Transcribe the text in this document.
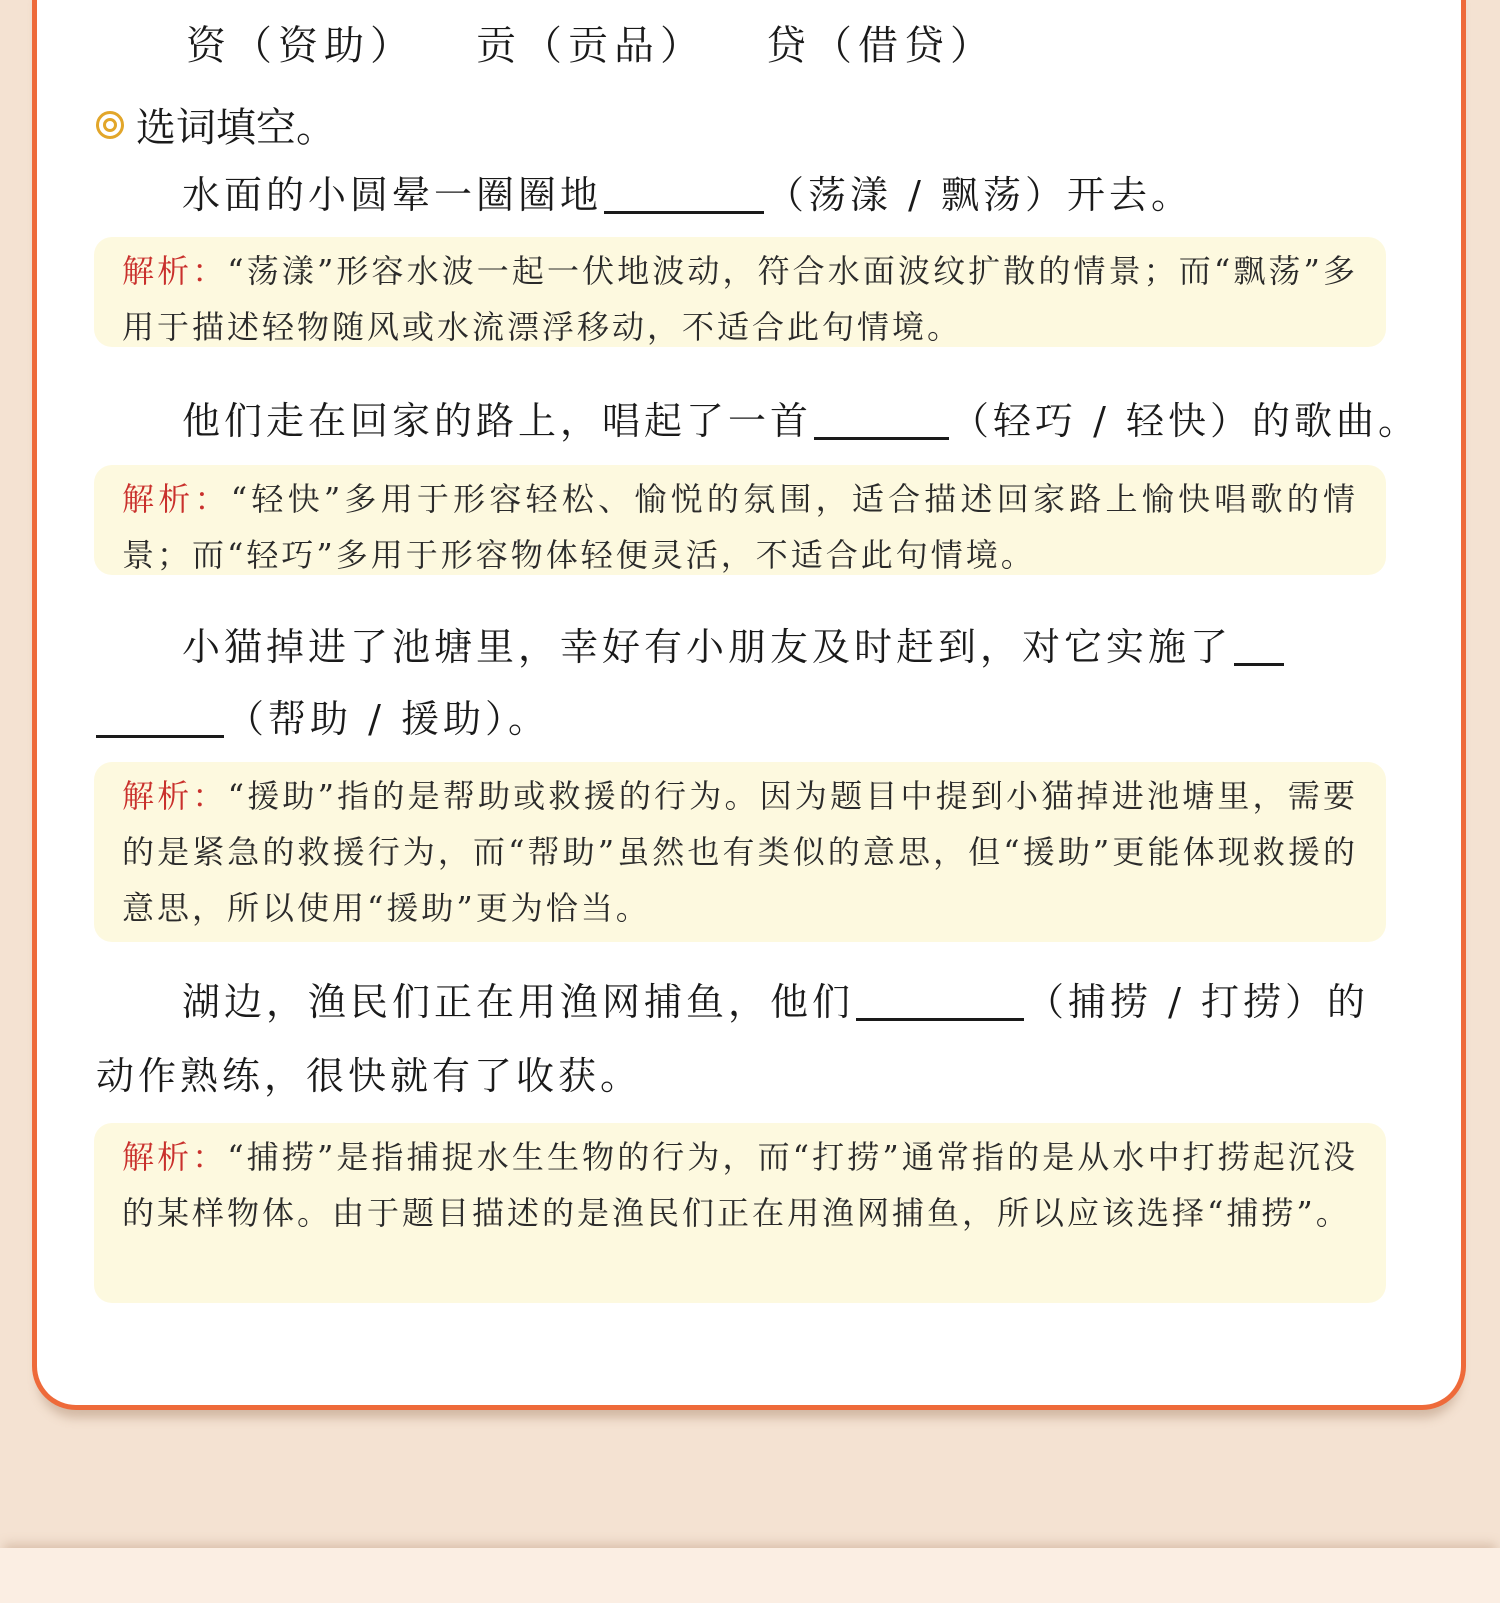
资（资助） 贡（贡品） 贷（借贷）
选词填空。
水面的小圆晕一圈圈地	（荡漾 / 飘荡）开去。
解析：“荡漾”形容水波一起一伏地波动，符合水面波纹扩散的情景；而“飘荡”多用于描述轻物随风或水流漂浮移动，不适合此句情境。
他们走在回家的路上，唱起了一首	（轻巧 / 轻快）的歌曲。
解析：“轻快”多用于形容轻松、愉悦的氛围，适合描述回家路上愉快唱歌的情景；而“轻巧”多用于形容物体轻便灵活，不适合此句情境。
小猫掉进了池塘里，幸好有小朋友及时赶到，对它实施了
（帮助 / 援助）。
解析：“援助”指的是帮助或救援的行为。因为题目中提到小猫掉进池塘里，需要的是紧急的救援行为，而“帮助”虽然也有类似的意思，但“援助”更能体现救援的意思，所以使用“援助”更为恰当。
湖边，渔民们正在用渔网捕鱼，他们	（捕捞 / 打捞）的
动作熟练，很快就有了收获。
解析：“捕捞”是指捕捉水生生物的行为，而“打捞”通常指的是从水中打捞起沉没的某样物体。由于题目描述的是渔民们正在用渔网捕鱼，所以应该选择“捕捞”。
